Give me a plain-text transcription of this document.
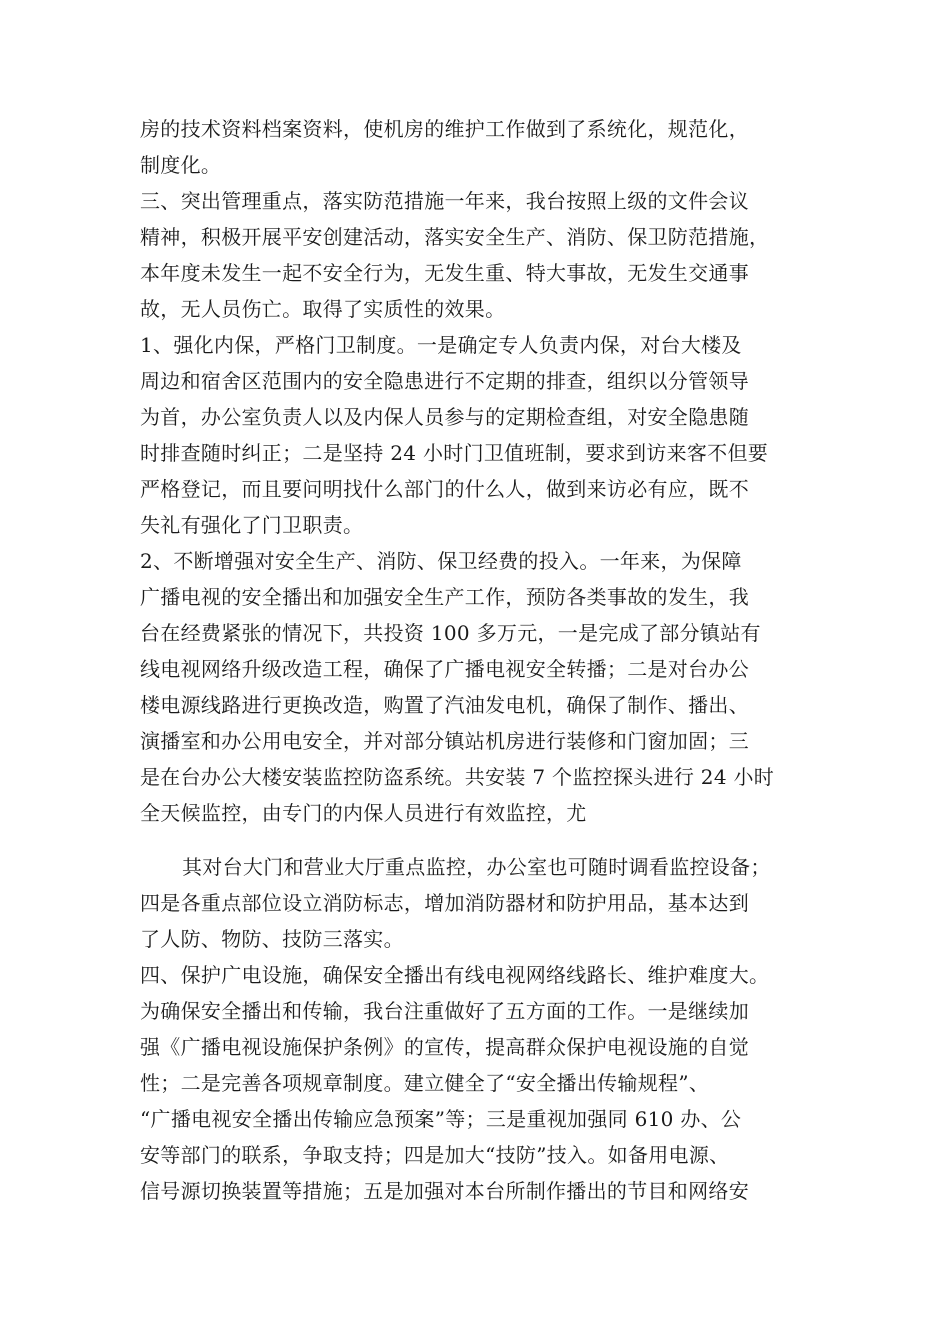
房的技术资料档案资料，使机房的维护工作做到了系统化，规范化，
制度化。
三、突出管理重点，落实防范措施一年来，我台按照上级的文件会议
精神，积极开展平安创建活动，落实安全生产、消防、保卫防范措施，
本年度未发生一起不安全行为，无发生重、特大事故，无发生交通事
故，无人员伤亡。取得了实质性的效果。
1、强化内保，严格门卫制度。一是确定专人负责内保，对台大楼及
周边和宿舍区范围内的安全隐患进行不定期的排查，组织以分管领导
为首，办公室负责人以及内保人员参与的定期检查组，对安全隐患随
时排查随时纠正；二是坚持 24 小时门卫值班制，要求到访来客不但要
严格登记，而且要问明找什么部门的什么人，做到来访必有应，既不
失礼有强化了门卫职责。
2、不断增强对安全生产、消防、保卫经费的投入。一年来，为保障
广播电视的安全播出和加强安全生产工作，预防各类事故的发生，我
台在经费紧张的情况下，共投资 100 多万元，一是完成了部分镇站有
线电视网络升级改造工程，确保了广播电视安全转播；二是对台办公
楼电源线路进行更换改造，购置了汽油发电机，确保了制作、播出、
演播室和办公用电安全，并对部分镇站机房进行装修和门窗加固；三
是在台办公大楼安装监控防盗系统。共安装 7 个监控探头进行 24 小时
全天候监控，由专门的内保人员进行有效监控，尤
其对台大门和营业大厅重点监控，办公室也可随时调看监控设备；
四是各重点部位设立消防标志，增加消防器材和防护用品，基本达到
了人防、物防、技防三落实。
四、保护广电设施，确保安全播出有线电视网络线路长、维护难度大。
为确保安全播出和传输，我台注重做好了五方面的工作。一是继续加
强《广播电视设施保护条例》的宣传，提高群众保护电视设施的自觉
性；二是完善各项规章制度。建立健全了“安全播出传输规程”、
“广播电视安全播出传输应急预案”等；三是重视加强同 610 办、公
安等部门的联系，争取支持；四是加大“技防”技入。如备用电源、
信号源切换装置等措施；五是加强对本台所制作播出的节目和网络安
